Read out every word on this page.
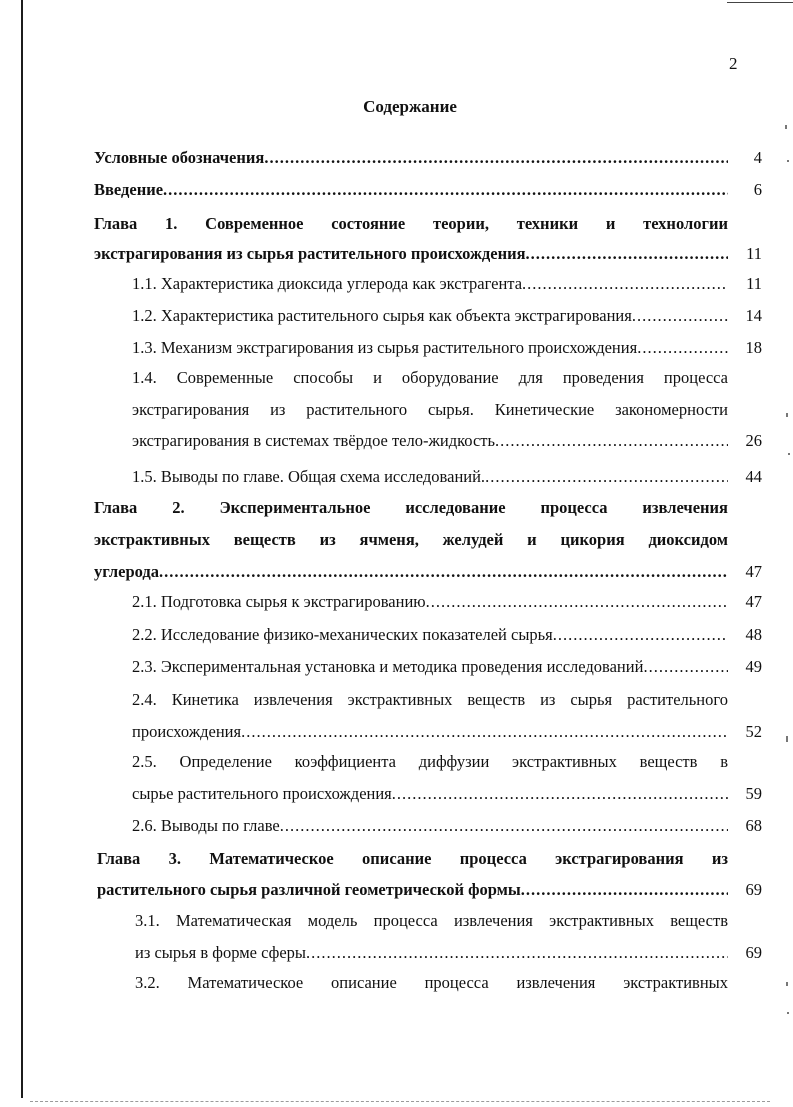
2
Содержание
Условные обозначения .....	4
Введение .....	6
Глава 1. Современное состояние теории, техники и технологии
экстрагирования из сырья растительного происхождения .....	11
1.1. Характеристика диоксида углерода как экстрагента .....	11
1.2. Характеристика растительного сырья как объекта экстрагирования .....	14
1.3. Механизм экстрагирования из сырья растительного происхождения .....	18
1.4. Современные способы и оборудование для проведения процесса
экстрагирования из растительного сырья. Кинетические закономерности
экстрагирования в системах твёрдое тело-жидкость .....	26
1.5. Выводы по главе. Общая схема исследований. .....	44
Глава 2. Экспериментальное исследование процесса извлечения
экстрактивных веществ из ячменя, желудей и цикория диоксидом
углерода .....	47
2.1. Подготовка сырья к экстрагированию .....	47
2.2. Исследование физико-механических показателей сырья .....	48
2.3. Экспериментальная установка и методика проведения исследований .....	49
2.4. Кинетика извлечения экстрактивных веществ из сырья растительного
происхождения .....	52
2.5. Определение коэффициента диффузии экстрактивных веществ в
сырье растительного происхождения .....	59
2.6. Выводы по главе .....	68
Глава 3. Математическое описание процесса экстрагирования из
растительного сырья различной геометрической формы .....	69
3.1. Математическая модель процесса извлечения экстрактивных веществ
из сырья в форме сферы .....	69
3.2. Математическое описание процесса извлечения экстрактивных
